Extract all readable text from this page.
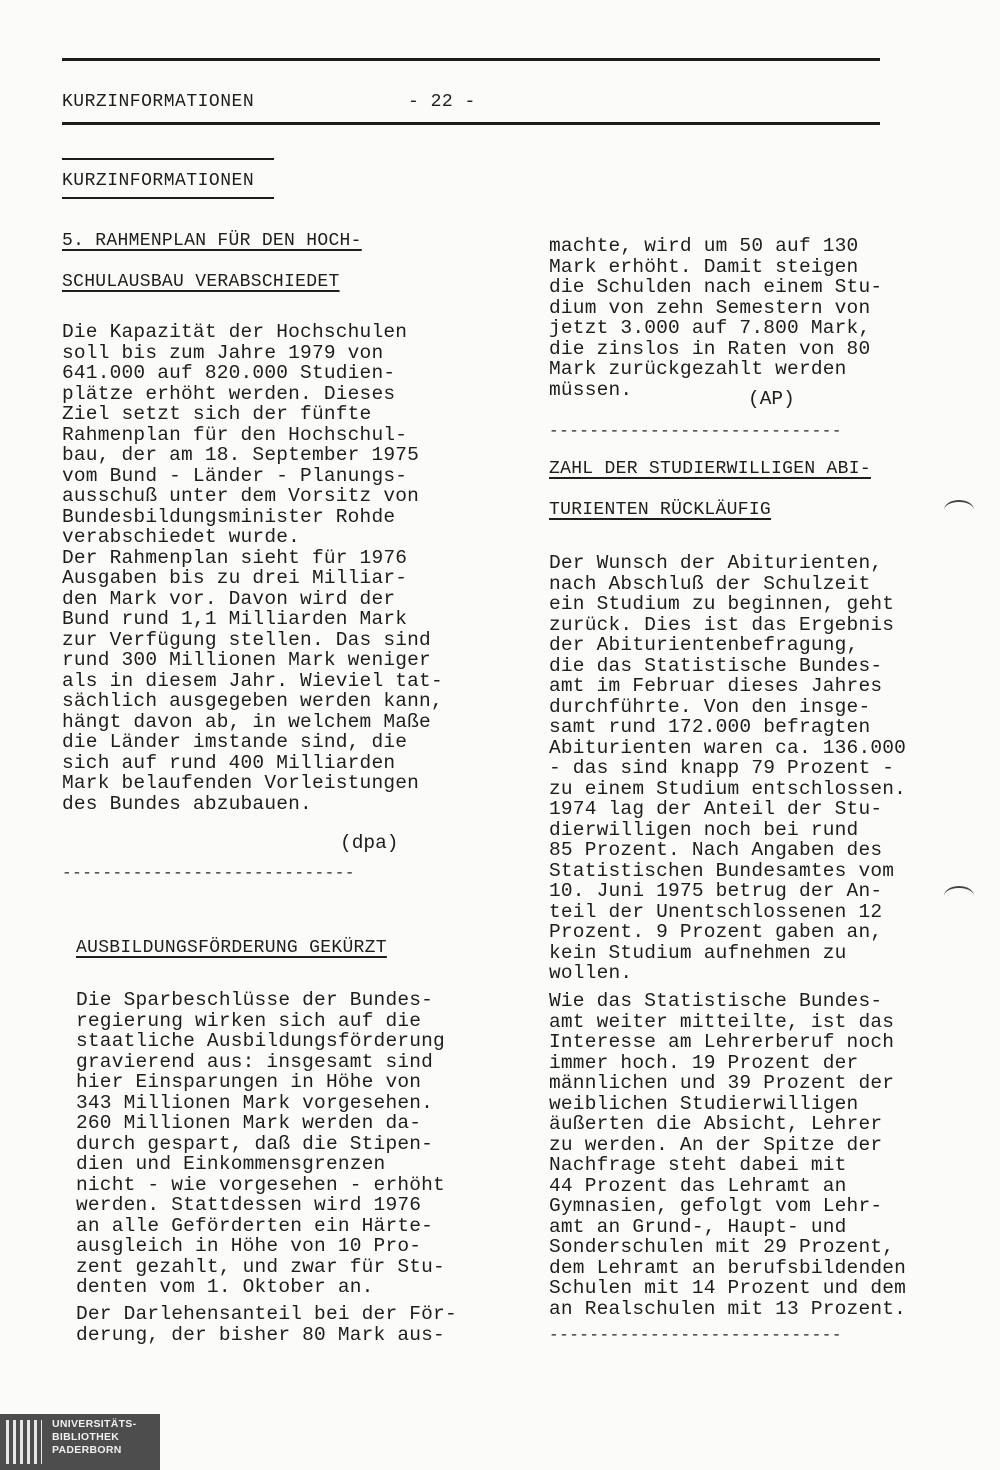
KURZINFORMATIONEN	- 22 -
KURZINFORMATIONEN
5. RAHMENPLAN FÜR DEN HOCH-
SCHULAUSBAU VERABSCHIEDET
Die Kapazität der Hochschulen
soll bis zum Jahre 1979 von
641.000 auf 820.000 Studien-
plätze erhöht werden. Dieses
Ziel setzt sich der fünfte
Rahmenplan für den Hochschul-
bau, der am 18. September 1975
vom Bund - Länder - Planungs-
ausschuß unter dem Vorsitz von
Bundesbildungsminister Rohde
verabschiedet wurde.
Der Rahmenplan sieht für 1976
Ausgaben bis zu drei Milliar-
den Mark vor. Davon wird der
Bund rund 1,1 Milliarden Mark
zur Verfügung stellen. Das sind
rund 300 Millionen Mark weniger
als in diesem Jahr. Wieviel tat-
sächlich ausgegeben werden kann,
hängt davon ab, in welchem Maße
die Länder imstande sind, die
sich auf rund 400 Milliarden
Mark belaufenden Vorleistungen
des Bundes abzubauen.
(dpa)
-----------------------------
AUSBILDUNGSFÖRDERUNG GEKÜRZT
Die Sparbeschlüsse der Bundes-
regierung wirken sich auf die
staatliche Ausbildungsförderung
gravierend aus: insgesamt sind
hier Einsparungen in Höhe von
343 Millionen Mark vorgesehen.
260 Millionen Mark werden da-
durch gespart, daß die Stipen-
dien und Einkommensgrenzen
nicht - wie vorgesehen - erhöht
werden. Stattdessen wird 1976
an alle Geförderten ein Härte-
ausgleich in Höhe von 10 Pro-
zent gezahlt, und zwar für Stu-
denten vom 1. Oktober an.
Der Darlehensanteil bei der För-
derung, der bisher 80 Mark aus-
machte, wird um 50 auf 130
Mark erhöht. Damit steigen
die Schulden nach einem Stu-
dium von zehn Semestern von
jetzt 3.000 auf 7.800 Mark,
die zinslos in Raten von 80
Mark zurückgezahlt werden
müssen.	(AP)
-----------------------------
ZAHL DER STUDIERWILLIGEN ABI-
TURIENTEN RÜCKLÄUFIG
Der Wunsch der Abiturienten,
nach Abschluß der Schulzeit
ein Studium zu beginnen, geht
zurück. Dies ist das Ergebnis
der Abiturientenbefragung,
die das Statistische Bundes-
amt im Februar dieses Jahres
durchführte. Von den insge-
samt rund 172.000 befragten
Abiturienten waren ca. 136.000
- das sind knapp 79 Prozent -
zu einem Studium entschlossen.
1974 lag der Anteil der Stu-
dierwilligen noch bei rund
85 Prozent. Nach Angaben des
Statistischen Bundesamtes vom
10. Juni 1975 betrug der An-
teil der Unentschlossenen 12
Prozent. 9 Prozent gaben an,
kein Studium aufnehmen zu
wollen.
Wie das Statistische Bundes-
amt weiter mitteilte, ist das
Interesse am Lehrerberuf noch
immer hoch. 19 Prozent der
männlichen und 39 Prozent der
weiblichen Studierwilligen
äußerten die Absicht, Lehrer
zu werden. An der Spitze der
Nachfrage steht dabei mit
44 Prozent das Lehramt an
Gymnasien, gefolgt vom Lehr-
amt an Grund-, Haupt- und
Sonderschulen mit 29 Prozent,
dem Lehramt an berufsbildenden
Schulen mit 14 Prozent und dem
an Realschulen mit 13 Prozent.
-----------------------------
UNIVERSITÄTS-
BIBLIOTHEK
PADERBORN
